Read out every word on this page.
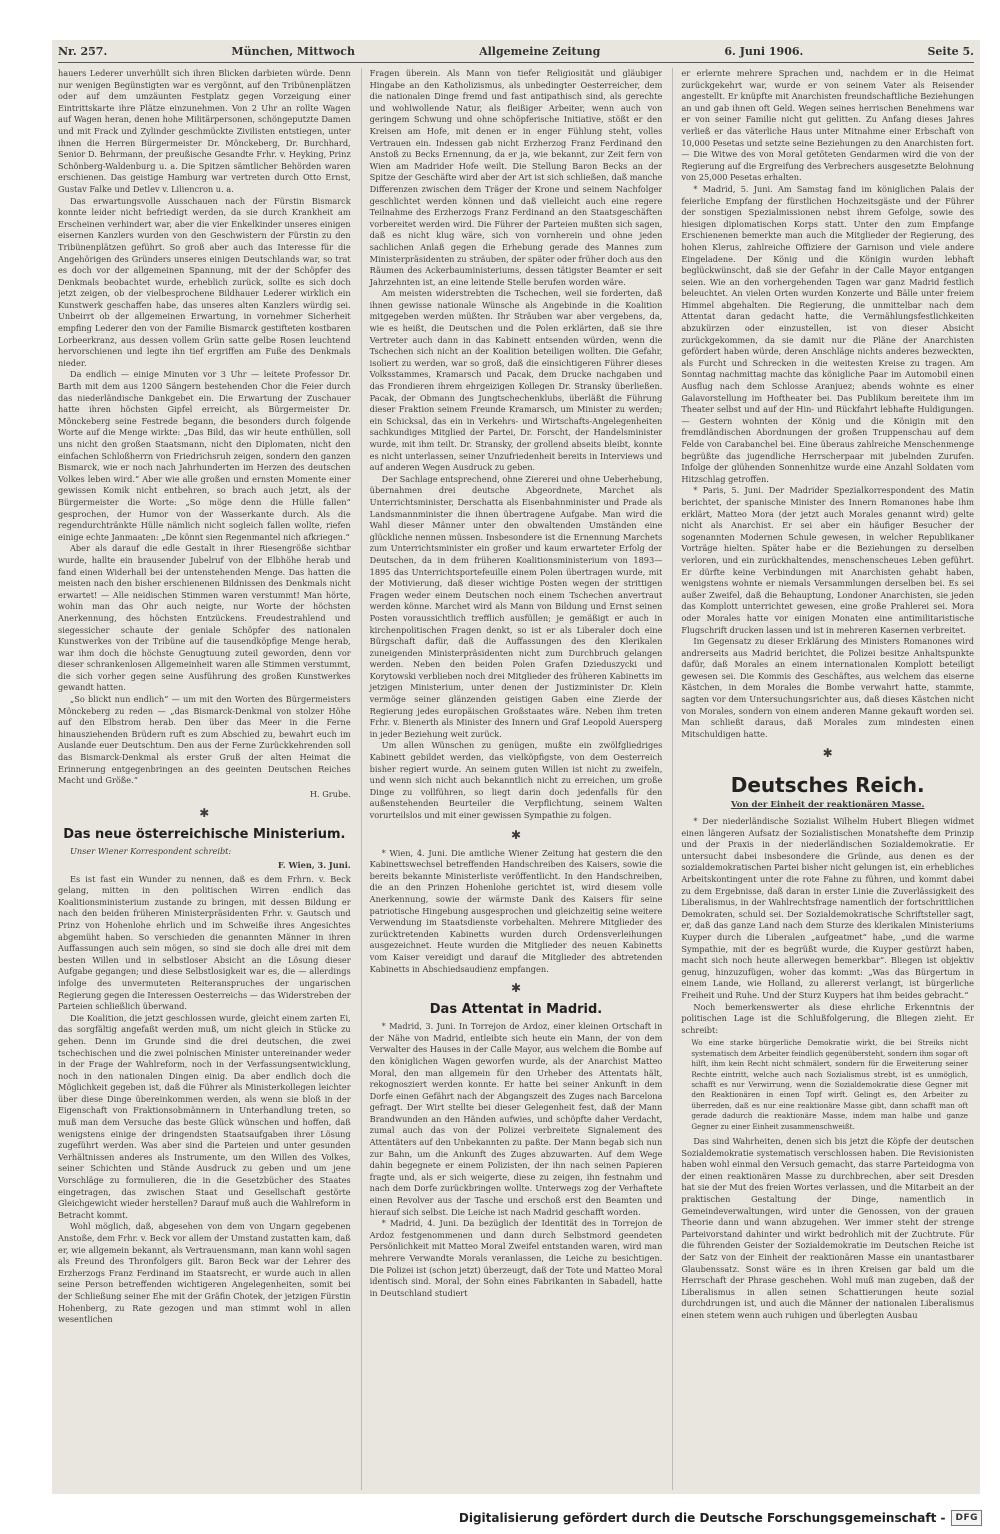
Nr. 257.	München, Mittwoch	Allgemeine Zeitung	6. Juni 1906.	Seite 5.

hauers Lederer unverhüllt sich ihren Blicken darbieten würde. Denn nur wenigen Begünstigten war es vergönnt, auf den Tribünenplätzen oder auf dem umzäunten Festplatz gegen Vorzeigung einer Eintrittskarte ihre Plätze einzunehmen. Von 2 Uhr an rollte Wagen auf Wagen heran, denen hohe Militärpersonen, schöngeputzte Damen und mit Frack und Zylinder geschmückte Zivilisten entstiegen, unter ihnen die Herren Bürgermeister Dr. Mönckeberg, Dr. Burchhard, Senior D. Behrmann, der preußische Gesandte Frhr. v. Heyking, Prinz Schönberg-Waldenburg u. a. Die Spitzen sämtlicher Behörden waren erschienen. Das geistige Hamburg war vertreten durch Otto Ernst, Gustav Falke und Detlev v. Liliencron u. a.

Das erwartungsvolle Ausschauen nach der Fürstin Bismarck konnte leider nicht befriedigt werden, da sie durch Krankheit am Erscheinen verhindert war, aber die vier Enkelkinder unseres einigen eisernen Kanzlers wurden von den Geschwistern der Fürstin zu den Tribünenplätzen geführt. So groß aber auch das Interesse für die Angehörigen des Gründers unseres einigen Deutschlands war, so trat es doch vor der allgemeinen Spannung, mit der der Schöpfer des Denkmals beobachtet wurde, erheblich zurück, sollte es sich doch jetzt zeigen, ob der vielbesprochene Bildhauer Lederer wirklich ein Kunstwerk geschaffen habe, das unseres alten Kanzlers würdig sei. Unbeirrt ob der allgemeinen Erwartung, in vornehmer Sicherheit empfing Lederer den von der Familie Bismarck gestifteten kostbaren Lorbeerkranz, aus dessen vollem Grün satte gelbe Rosen leuchtend hervorschienen und legte ihn tief ergriffen am Fuße des Denkmals nieder.

Da endlich — einige Minuten vor 3 Uhr — leitete Professor Dr. Barth mit dem aus 1200 Sängern bestehenden Chor die Feier durch das niederländische Dankgebet ein. Die Erwartung der Zuschauer hatte ihren höchsten Gipfel erreicht, als Bürgermeister Dr. Mönckeberg seine Festrede begann, die besonders durch folgende Worte auf die Menge wirkte: „Das Bild, das wir heute enthüllen, soll uns nicht den großen Staatsmann, nicht den Diplomaten, nicht den einfachen Schloßherrn von Friedrichsruh zeigen, sondern den ganzen Bismarck, wie er noch nach Jahrhunderten im Herzen des deutschen Volkes leben wird.“ Aber wie alle großen und ernsten Momente einer gewissen Komik nicht entbehren, so brach auch jetzt, als der Bürgermeister die Worte: „So möge denn die Hülle fallen“ gesprochen, der Humor von der Wasserkante durch. Als die regendurchtränkte Hülle nämlich nicht sogleich fallen wollte, riefen einige echte Janmaaten: „De könnt sien Regenmantel nich afkriegen.“

Aber als darauf die edle Gestalt in ihrer Riesengröße sichtbar wurde, hallte ein brausender Jubelruf von der Elbhöhe herab und fand einen Widerhall bei der untenstehenden Menge. Das hatten die meisten nach den bisher erschienenen Bildnissen des Denkmals nicht erwartet! — Alle neidischen Stimmen waren verstummt! Man hörte, wohin man das Ohr auch neigte, nur Worte der höchsten Anerkennung, des höchsten Entzückens. Freudestrahlend und siegessicher schaute der geniale Schöpfer des nationalen Kunstwerkes von der Tribüne auf die tausendköpfige Menge herab, war ihm doch die höchste Genugtuung zuteil geworden, denn vor dieser schrankenlosen Allgemeinheit waren alle Stimmen verstummt, die sich vorher gegen seine Ausführung des großen Kunstwerkes gewandt hatten.

„So blickt nun endlich“ — um mit den Worten des Bürgermeisters Mönckeberg zu reden — „das Bismarck-Denkmal von stolzer Höhe auf den Elbstrom herab. Den über das Meer in die Ferne hinausziehenden Brüdern ruft es zum Abschied zu, bewahrt euch im Auslande euer Deutschtum. Den aus der Ferne Zurückkehrenden soll das Bismarck-Denkmal als erster Gruß der alten Heimat die Erinnerung entgegenbringen an des geeinten Deutschen Reiches Macht und Größe.“

H. Grube.
✱
Das neue österreichische Ministerium.
Unser Wiener Korrespondent schreibt:
F. Wien, 3. Juni.

Es ist fast ein Wunder zu nennen, daß es dem Frhrn. v. Beck gelang, mitten in den politischen Wirren endlich das Koalitionsministerium zustande zu bringen, mit dessen Bildung er nach den beiden früheren Ministerpräsidenten Frhr. v. Gautsch und Prinz von Hohenlohe ehrlich und im Schweiße ihres Angesichtes abgemüht haben. So verschieden die genannten Männer in ihren Auffassungen auch sein mögen, so sind sie doch alle drei mit dem besten Willen und in selbstloser Absicht an die Lösung dieser Aufgabe gegangen; und diese Selbstlosigkeit war es, die — allerdings infolge des unvermuteten Reiteranspruches der ungarischen Regierung gegen die Interessen Oesterreichs — das Widerstreben der Parteien schließlich überwand.

Die Koalition, die jetzt geschlossen wurde, gleicht einem zarten Ei, das sorgfältig angefaßt werden muß, um nicht gleich in Stücke zu gehen. Denn im Grunde sind die drei deutschen, die zwei tschechischen und die zwei polnischen Minister untereinander weder in der Frage der Wahlreform, noch in der Verfassungsentwicklung, noch in den nationalen Dingen einig. Da aber endlich doch die Möglichkeit gegeben ist, daß die Führer als Ministerkollegen leichter über diese Dinge übereinkommen werden, als wenn sie bloß in der Eigenschaft von Fraktionsobmännern in Unterhandlung treten, so muß man dem Versuche das beste Glück wünschen und hoffen, daß wenigstens einige der dringendsten Staatsaufgaben ihrer Lösung zugeführt werden. Was aber sind die Parteien und unter gesunden Verhältnissen anderes als Instrumente, um den Willen des Volkes, seiner Schichten und Stände Ausdruck zu geben und um jene Vorschläge zu formulieren, die in die Gesetzbücher des Staates eingetragen, das zwischen Staat und Gesellschaft gestörte Gleichgewicht wieder herstellen? Darauf muß auch die Wahlreform in Betracht kommt.

Wohl möglich, daß, abgesehen von dem von Ungarn gegebenen Anstoße, dem Frhr. v. Beck vor allem der Umstand zustatten kam, daß er, wie allgemein bekannt, als Vertrauensmann, man kann wohl sagen als Freund des Thronfolgers gilt. Baron Beck war der Lehrer des Erzherzogs Franz Ferdinand im Staatsrecht, er wurde auch in allen seine Person betreffenden wichtigeren Angelegenheiten, somit bei der Schließung seiner Ehe mit der Gräfin Chotek, der jetzigen Fürstin Hohenberg, zu Rate gezogen und man stimmt wohl in allen wesentlichen

Fragen überein. Als Mann von tiefer Religiosität und gläubiger Hingabe an den Katholizismus, als unbedingter Oesterreicher, dem die nationalen Dinge fremd und fast antipathisch sind, als gerechte und wohlwollende Natur, als fleißiger Arbeiter, wenn auch von geringem Schwung und ohne schöpferische Initiative, stößt er den Kreisen am Hofe, mit denen er in enger Fühlung steht, volles Vertrauen ein. Indessen gab nicht Erzherzog Franz Ferdinand den Anstoß zu Becks Ernennung, da er ja, wie bekannt, zur Zeit fern von Wien am Madrider Hofe weilt. Die Stellung Baron Becks an der Spitze der Geschäfte wird aber der Art ist sich schließen, daß manche Differenzen zwischen dem Träger der Krone und seinem Nachfolger geschlichtet werden können und daß vielleicht auch eine regere Teilnahme des Erzherzogs Franz Ferdinand an den Staatsgeschäften vorbereitet werden wird. Die Führer der Parteien mußten sich sagen, daß es nicht klug wäre, sich von vornherein und ohne jeden sachlichen Anlaß gegen die Erhebung gerade des Mannes zum Ministerpräsidenten zu sträuben, der später oder früher doch aus den Räumen des Ackerbauministeriums, dessen tätigster Beamter er seit Jahrzehnten ist, an eine leitende Stelle berufen worden wäre.

Am meisten widerstrebten die Tschechen, weil sie forderten, daß ihnen gewisse nationale Wünsche als Angebinde in die Koalition mitgegeben werden müßten. Ihr Sträuben war aber vergebens, da, wie es heißt, die Deutschen und die Polen erklärten, daß sie ihre Vertreter auch dann in das Kabinett entsenden würden, wenn die Tschechen sich nicht an der Koalition beteiligen wollten. Die Gefahr, isoliert zu werden, war so groß, daß die einsichtigeren Führer dieses Volksstammes, Kramarsch und Pacak, dem Drucke nachgaben und das Frondieren ihrem ehrgeizigen Kollegen Dr. Stransky überließen. Pacak, der Obmann des Jungtschechenklubs, überläßt die Führung dieser Fraktion seinem Freunde Kramarsch, um Minister zu werden; ein Schicksal, das ein in Verkehrs- und Wirtschafts-Angelegenheiten sachkundiges Mitglied der Partei, Dr. Forscht, der Handelsminister wurde, mit ihm teilt. Dr. Stransky, der grollend abseits bleibt, konnte es nicht unterlassen, seiner Unzufriedenheit bereits in Interviews und auf anderen Wegen Ausdruck zu geben.

Der Sachlage entsprechend, ohne Ziererei und ohne Ueberhebung, übernahmen drei deutsche Abgeordnete, Marchet als Unterrichtsminister, Derschatta als Eisenbahnminister und Prade als Landsmannminister die ihnen übertragene Aufgabe. Man wird die Wahl dieser Männer unter den obwaltenden Umständen eine glückliche nennen müssen. Insbesondere ist die Ernennung Marchets zum Unterrichtsminister ein großer und kaum erwarteter Erfolg der Deutschen, da in dem früheren Koalitionsministerium von 1893—1895 das Unterrichtsportefeuille einem Polen übertragen wurde, mit der Motivierung, daß dieser wichtige Posten wegen der strittigen Fragen weder einem Deutschen noch einem Tschechen anvertraut werden könne. Marchet wird als Mann von Bildung und Ernst seinen Posten voraussichtlich trefflich ausfüllen; je gemäßigt er auch in kirchenpolitischen Fragen denkt, so ist er als Liberaler doch eine Bürgschaft dafür, daß die Auffassungen des den Klerikalen zuneigenden Ministerpräsidenten nicht zum Durchbruch gelangen werden. Neben den beiden Polen Grafen Dzieduszycki und Korytowski verblieben noch drei Mitglieder des früheren Kabinetts im jetzigen Ministerium, unter denen der Justizminister Dr. Klein vermöge seiner glänzenden geistigen Gaben eine Zierde der Regierung jedes europäischen Großstaates wäre. Neben ihm treten Frhr. v. Bienerth als Minister des Innern und Graf Leopold Auersperg in jeder Beziehung weit zurück.

Um allen Wünschen zu genügen, mußte ein zwölfgliedriges Kabinett gebildet werden, das vielköpfigste, von dem Oesterreich bisher regiert wurde. An seinem guten Willen ist nicht zu zweifeln, und wenn sich nicht auch bekanntlich nicht zu erreichen, um große Dinge zu vollführen, so liegt darin doch jedenfalls für den außenstehenden Beurteiler die Verpflichtung, seinem Walten vorurteilslos und mit einer gewissen Sympathie zu folgen.

✱

* Wien, 4. Juni. Die amtliche Wiener Zeitung hat gestern die den Kabinettswechsel betreffenden Handschreiben des Kaisers, sowie die bereits bekannte Ministerliste veröffentlicht. In den Handschreiben, die an den Prinzen Hohenlohe gerichtet ist, wird diesem volle Anerkennung, sowie der wärmste Dank des Kaisers für seine patriotische Hingebung ausgesprochen und gleichzeitig seine weitere Verwendung im Staatsdienste vorbehalten. Mehrere Mitglieder des zurücktretenden Kabinetts wurden durch Ordensverleihungen ausgezeichnet. Heute wurden die Mitglieder des neuen Kabinetts vom Kaiser vereidigt und darauf die Mitglieder des abtretenden Kabinetts in Abschiedsaudienz empfangen.

✱
Das Attentat in Madrid.

* Madrid, 3. Juni. In Torrejon de Ardoz, einer kleinen Ortschaft in der Nähe von Madrid, entleibte sich heute ein Mann, der von dem Verwalter des Hauses in der Calle Mayor, aus welchem die Bombe auf den königlichen Wagen geworfen wurde, als der Anarchist Matteo Moral, den man allgemein für den Urheber des Attentats hält, rekognosziert werden konnte. Er hatte bei seiner Ankunft in dem Dorfe einen Gefährt nach der Abgangszeit des Zuges nach Barcelona gefragt. Der Wirt stellte bei dieser Gelegenheit fest, daß der Mann Brandwunden an den Händen aufwies, und schöpfte daher Verdacht, zumal auch das von der Polizei verbreitete Signalement des Attentäters auf den Unbekannten zu paßte. Der Mann begab sich nun zur Bahn, um die Ankunft des Zuges abzuwarten. Auf dem Wege dahin begegnete er einem Polizisten, der ihn nach seinen Papieren fragte und, als er sich weigerte, diese zu zeigen, ihn festnahm und nach dem Dorfe zurückbringen wollte. Unterwegs zog der Verhaftete einen Revolver aus der Tasche und erschoß erst den Beamten und hierauf sich selbst. Die Leiche ist nach Madrid geschafft worden.

* Madrid, 4. Juni. Da bezüglich der Identität des in Torrejon de Ardoz festgenommenen und dann durch Selbstmord geendeten Persönlichkeit mit Matteo Moral Zweifel entstanden waren, wird man mehrere Verwandte Morals veranlassen, die Leiche zu besichtigen. Die Polizei ist (schon jetzt) überzeugt, daß der Tote und Matteo Moral identisch sind. Moral, der Sohn eines Fabrikanten in Sabadell, hatte in Deutschland studiert

er erlernte mehrere Sprachen und, nachdem er in die Heimat zurückgekehrt war, wurde er von seinem Vater als Reisender angestellt. Er knüpfte mit Anarchisten freundschaftliche Beziehungen an und gab ihnen oft Geld. Wegen seines herrischen Benehmens war er von seiner Familie nicht gut gelitten. Zu Anfang dieses Jahres verließ er das väterliche Haus unter Mitnahme einer Erbschaft von 10,000 Pesetas und setzte seine Beziehungen zu den Anarchisten fort. — Die Witwe des von Moral getöteten Gendarmen wird die von der Regierung auf die Ergreifung des Verbrechers ausgesetzte Belohnung von 25,000 Pesetas erhalten.

* Madrid, 5. Juni. Am Samstag fand im königlichen Palais der feierliche Empfang der fürstlichen Hochzeitsgäste und der Führer der sonstigen Spezialmissionen nebst ihrem Gefolge, sowie des hiesigen diplomatischen Korps statt. Unter den zum Empfange Erschienenen bemerkte man auch die Mitglieder der Regierung, des hohen Klerus, zahlreiche Offiziere der Garnison und viele andere Eingeladene. Der König und die Königin wurden lebhaft beglückwünscht, daß sie der Gefahr in der Calle Mayor entgangen seien. Wie an den vorhergehenden Tagen war ganz Madrid festlich beleuchtet. An vielen Orten wurden Konzerte und Bälle unter freiem Himmel abgehalten. Die Regierung, die unmittelbar nach dem Attentat daran gedacht hatte, die Vermählungsfestlichkeiten abzukürzen oder einzustellen, ist von dieser Absicht zurückgekommen, da sie damit nur die Pläne der Anarchisten gefördert haben würde, deren Anschläge nichts anderes bezweckten, als Furcht und Schrecken in die weitesten Kreise zu tragen. Am Sonntag nachmittag machte das königliche Paar im Automobil einen Ausflug nach dem Schlosse Aranjuez; abends wohnte es einer Galavorstellung im Hoftheater bei. Das Publikum bereitete ihm im Theater selbst und auf der Hin- und Rückfahrt lebhafte Huldigungen. — Gestern wohnten der König und die Königin mit den fremdländischen Abordnungen der großen Truppenschau auf dem Felde von Carabanchel bei. Eine überaus zahlreiche Menschenmenge begrüßte das jugendliche Herrscherpaar mit jubelnden Zurufen. Infolge der glühenden Sonnenhitze wurde eine Anzahl Soldaten vom Hitzschlag getroffen.

* Paris, 5. Juni. Der Madrider Spezialkorrespondent des Matin berichtet, der spanische Minister des Innern Romanones habe ihm erklärt, Matteo Mora (der jetzt auch Morales genannt wird) gelte nicht als Anarchist. Er sei aber ein häufiger Besucher der sogenannten Modernen Schule gewesen, in welcher Republikaner Vorträge hielten. Später habe er die Beziehungen zu derselben verloren, und ein zurückhaltendes, menschenscheues Leben geführt. Er dürfte keine Verbindungen mit Anarchisten gehabt haben, wenigstens wohnte er niemals Versammlungen derselben bei. Es sei außer Zweifel, daß die Behauptung, Londoner Anarchisten, sie jeden das Komplott unterrichtet gewesen, eine große Prahlerei sei. Mora oder Morales hatte vor einigen Monaten eine antimilitaristische Flugschrift drucken lassen und ist in mehreren Kasernen verbreitet.

Im Gegensatz zu dieser Erklärung des Ministers Romanones wird andrerseits aus Madrid berichtet, die Polizei besitze Anhaltspunkte dafür, daß Morales an einem internationalen Komplott beteiligt gewesen sei. Die Kommis des Geschäftes, aus welchem das eiserne Kästchen, in dem Morales die Bombe verwahrt hatte, stammte, sagten vor dem Untersuchungsrichter aus, daß dieses Kästchen nicht von Morales, sondern von einem anderen Manne gekauft worden sei. Man schließt daraus, daß Morales zum mindesten einen Mitschuldigen hatte.

✱
Deutsches Reich.
Von der Einheit der reaktionären Masse.

* Der niederländische Sozialist Wilhelm Hubert Bliegen widmet einen längeren Aufsatz der Sozialistischen Monatshefte dem Prinzip und der Praxis in der niederländischen Sozialdemokratie. Er untersucht dabei insbesondere die Gründe, aus denen es der sozialdemokratischen Partei bisher nicht gelungen ist, ein erhebliches Arbeitskontingent unter die rote Fahne zu führen, und kommt dabei zu dem Ergebnisse, daß daran in erster Linie die Zuverlässigkeit des Liberalismus, in der Wahlrechtsfrage namentlich der fortschrittlichen Demokraten, schuld sei. Der Sozialdemokratische Schriftsteller sagt, er, daß das ganze Land nach dem Sturze des klerikalen Ministeriums Kuyper durch die Liberalen „aufgeatmet“ habe, „und die warme Sympathie, mit der es begrüßt wurde, die Kuyper gestürzt haben, macht sich noch heute allerwegen bemerkbar“. Bliegen ist objektiv genug, hinzuzufügen, woher das kommt: „Was das Bürgertum in einem Lande, wie Holland, zu allererst verlangt, ist bürgerliche Freiheit und Ruhe. Und der Sturz Kuypers hat ihm beides gebracht.“

Noch bemerkenswerter als diese ehrliche Erkenntnis der politischen Lage ist die Schlußfolgerung, die Bliegen zieht. Er schreibt:

Wo eine starke bürgerliche Demokratie wirkt, die bei Streiks nicht systematisch dem Arbeiter feindlich gegenübersteht, sondern ihm sogar oft hilft, ihm kein Recht nicht schmälert, sondern für die Erweiterung seiner Rechte eintritt, welche auch nach Sozialismus strebt, ist es unmöglich, schafft es nur Verwirrung, wenn die Sozialdemokratie diese Gegner mit den Reaktionären in einen Topf wirft. Gelingt es, den Arbeiter zu überreden, daß es nur eine reaktionäre Masse gibt, dann schafft man oft gerade dadurch die reaktionäre Masse, indem man halbe und ganze Gegner zu einer Einheit zusammenschweißt.

Das sind Wahrheiten, denen sich bis jetzt die Köpfe der deutschen Sozialdemokratie systematisch verschlossen haben. Die Revisionisten haben wohl einmal den Versuch gemacht, das starre Parteidogma von der einen reaktionären Masse zu durchbrechen, aber seit Dresden hat sie der Mut des freien Wortes verlassen, und die Mitarbeit an der praktischen Gestaltung der Dinge, namentlich in Gemeindeverwaltungen, wird unter die Genossen, von der grauen Theorie dann und wann abzugehen. Wer immer steht der strenge Parteivorstand dahinter und wirkt bedrohlich mit der Zuchtrute. Für die führenden Geister der Sozialdemokratie im Deutschen Reiche ist der Satz von der Einheit der reaktionären Masse ein unantastbarer Glaubenssatz. Sonst wäre es in ihren Kreisen gar bald um die Herrschaft der Phrase geschehen. Wohl muß man zugeben, daß der Liberalismus in allen seinen Schattierungen heute sozial durchdrungen ist, und auch die Männer der nationalen Liberalismus einen stetem wenn auch ruhigen und überlegten Ausbau

Digitalisierung gefördert durch die Deutsche Forschungsgemeinschaft -	DFG
